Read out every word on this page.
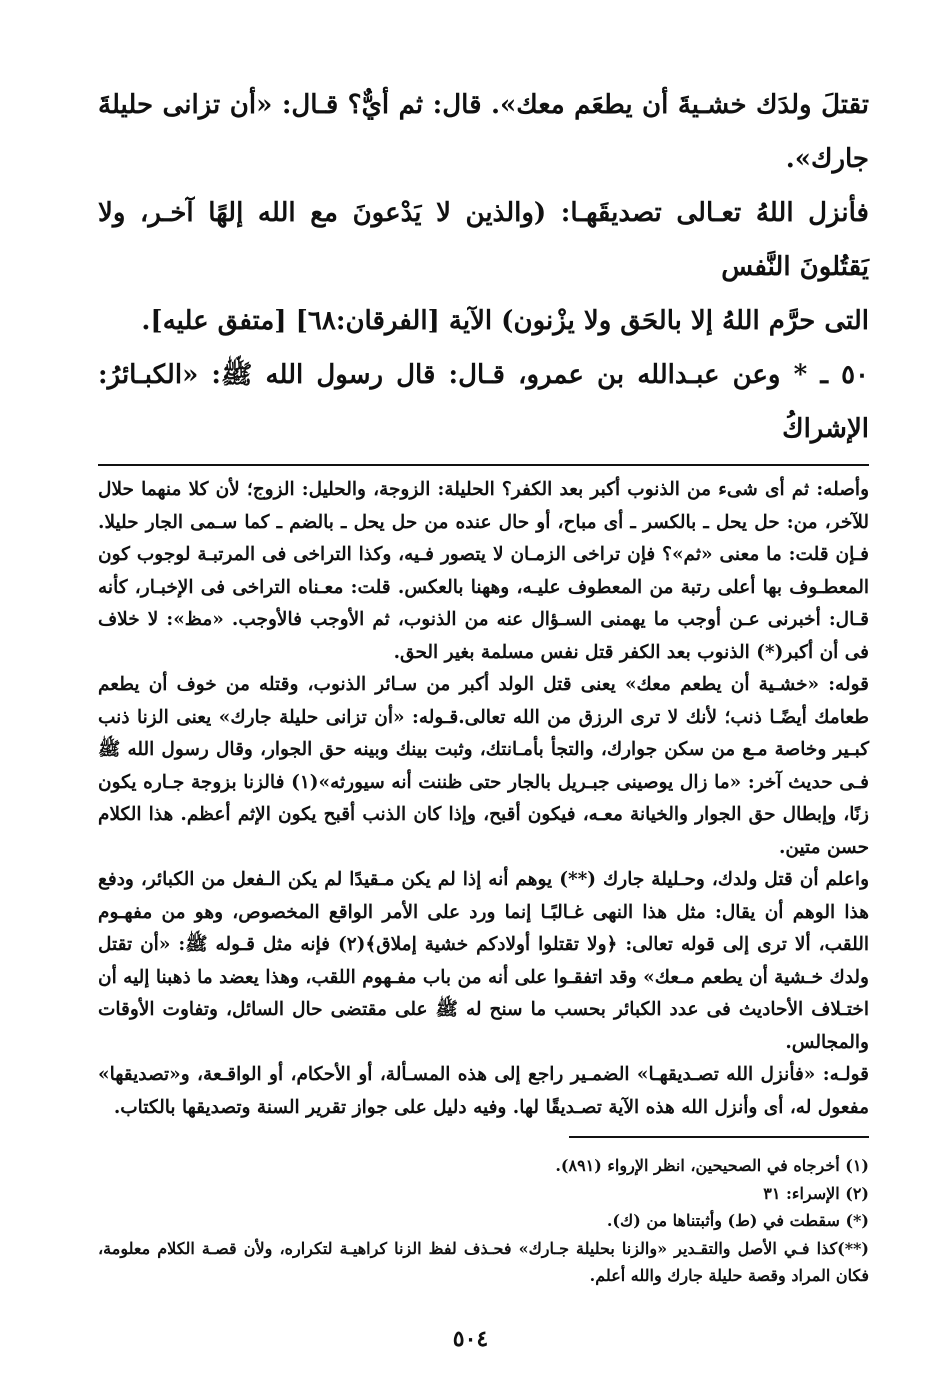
تقتلَ ولدَك خشـيةَ أن يطعَم معك». قال: ثم أيٌّ؟ قـال: «أن تزانى حليلةَ جارك».

فأنزل اللهُ تعـالى تصديقَهـا: (والذين لا يَدْعونَ مع الله إلهًا آخـر، ولا يَقتُلونَ النَّفس

التى حرَّم اللهُ إلا بالحَق ولا يزْنون) الآية [الفرقان:٦٨] [متفق عليه].

٥٠ ـ * وعن عبـدالله بن عمرو، قـال: قال رسول الله ﷺ: «الكبـائرُ: الإشراكُ

وأصله: ثم أى شىء من الذنوب أكبر بعد الكفر؟ الحليلة: الزوجة، والحليل: الزوج؛ لأن كلا منهما حلال للآخر، من: حل يحل ـ بالكسر ـ أى مباح، أو حال عنده من حل يحل ـ بالضم ـ كما سـمى الجار حليلا. فـإن قلت: ما معنى «ثم»؟ فإن تراخى الزمـان لا يتصور فـيه، وكذا التراخى فى المرتبـة لوجوب كون المعطـوف بها أعلى رتبة من المعطوف عليـه، وههنا بالعكس. قلت: معـناه التراخى فى الإخبـار، كأنه قـال: أخبرنى عـن أوجب ما يهمنى السـؤال عنه من الذنوب، ثم الأوجب فالأوجب. «مظ»: لا خلاف فى أن أكبر(*) الذنوب بعد الكفر قتل نفس مسلمة بغير الحق.

قوله: «خشـية أن يطعم معك» يعنى قتل الولد أكبر من سـائر الذنوب، وقتله من خوف أن يطعم طعامك أيضًـا ذنب؛ لأنك لا ترى الرزق من الله تعالى.قـوله: «أن تزانى حليلة جارك» يعنى الزنا ذنب كبـير وخاصة مـع من سكن جوارك، والتجأ بأمـانتك، وثبت بينك وبينه حق الجوار، وقال رسول الله ﷺ فـى حديث آخر: «ما زال يوصينى جبـريل بالجار حتى ظننت أنه سيورثه»(١) فالزنا بزوجة جـاره يكون زنًا، وإبطال حق الجوار والخيانة معـه، فيكون أقبح، وإذا كان الذنب أقبح يكون الإثم أعظم. هذا الكلام حسن متين.

واعلم أن قتل ولدك، وحـليلة جارك (**) يوهم أنه إذا لم يكن مـقيدًا لم يكن الـفعل من الكبائر، ودفع هذا الوهم أن يقال: مثل هذا النهى غـالبًـا إنما ورد على الأمر الواقع المخصوص، وهو من مفهـوم اللقب، ألا ترى إلى قوله تعالى: ﴿ولا تقتلوا أولادكم خشية إملاق﴾(٢) فإنه مثل قـوله ﷺ: «أن تقتل ولدك خـشية أن يطعم مـعك» وقد اتفقـوا على أنه من باب مفـهوم اللقب، وهذا يعضد ما ذهبنا إليه أن اختـلاف الأحاديث فى عدد الكبائر بحسب ما سنح له ﷺ على مقتضى حال السائل، وتفاوت الأوقات والمجالس.

قولـه: «فأنزل الله تصـديقهـا» الضمـير راجع إلى هذه المسـألة، أو الأحكام، أو الواقـعة، و«تصديقها» مفعول له، أى وأنزل الله هذه الآية تصـديقًا لها. وفيه دليل على جواز تقرير السنة وتصديقها بالكتاب.

(١) أخرجاه في الصحيحين، انظر الإرواء (٨٩١).

(٢) الإسراء: ٣١

(*) سقطت في (ط) وأثبتناها من (ك).

(**)كذا فـي الأصل والتقـدير «والزنا بحليلة جـارك» فحـذف لفظ الزنا كراهيـة لتكراره، ولأن قصـة الكلام معلومة، فكان المراد وقصة حليلة جارك والله أعلم.

٥٠٤
